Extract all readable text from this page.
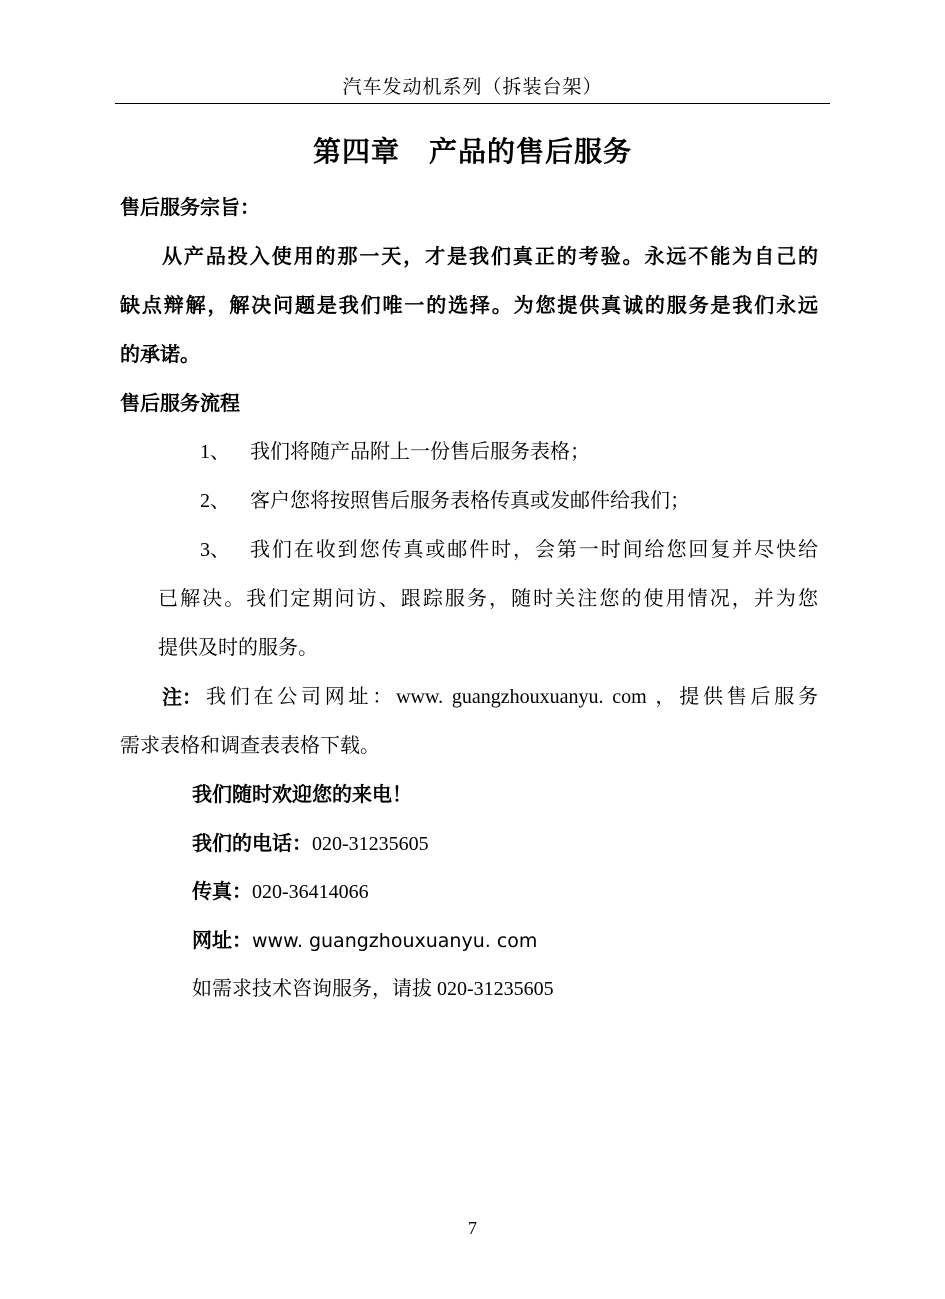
汽车发动机系列（拆装台架）
第四章　产品的售后服务
售后服务宗旨：
从产品投入使用的那一天，才是我们真正的考验。永远不能为自己的
缺点辩解，解决问题是我们唯一的选择。为您提供真诚的服务是我们永远
的承诺。
售后服务流程
1、 我们将随产品附上一份售后服务表格；
2、 客户您将按照售后服务表格传真或发邮件给我们；
3、 我们在收到您传真或邮件时，会第一时间给您回复并尽快给
已解决。我们定期问访、跟踪服务，随时关注您的使用情况，并为您
提供及时的服务。
注： 我们在公司网址：www. guangzhouxuanyu. com ，提供售后服务
需求表格和调查表表格下载。
我们随时欢迎您的来电！
我们的电话：020-31235605
传真：020-36414066
网址：www. guangzhouxuanyu. com
如需求技术咨询服务，请拔 020-31235605
7
